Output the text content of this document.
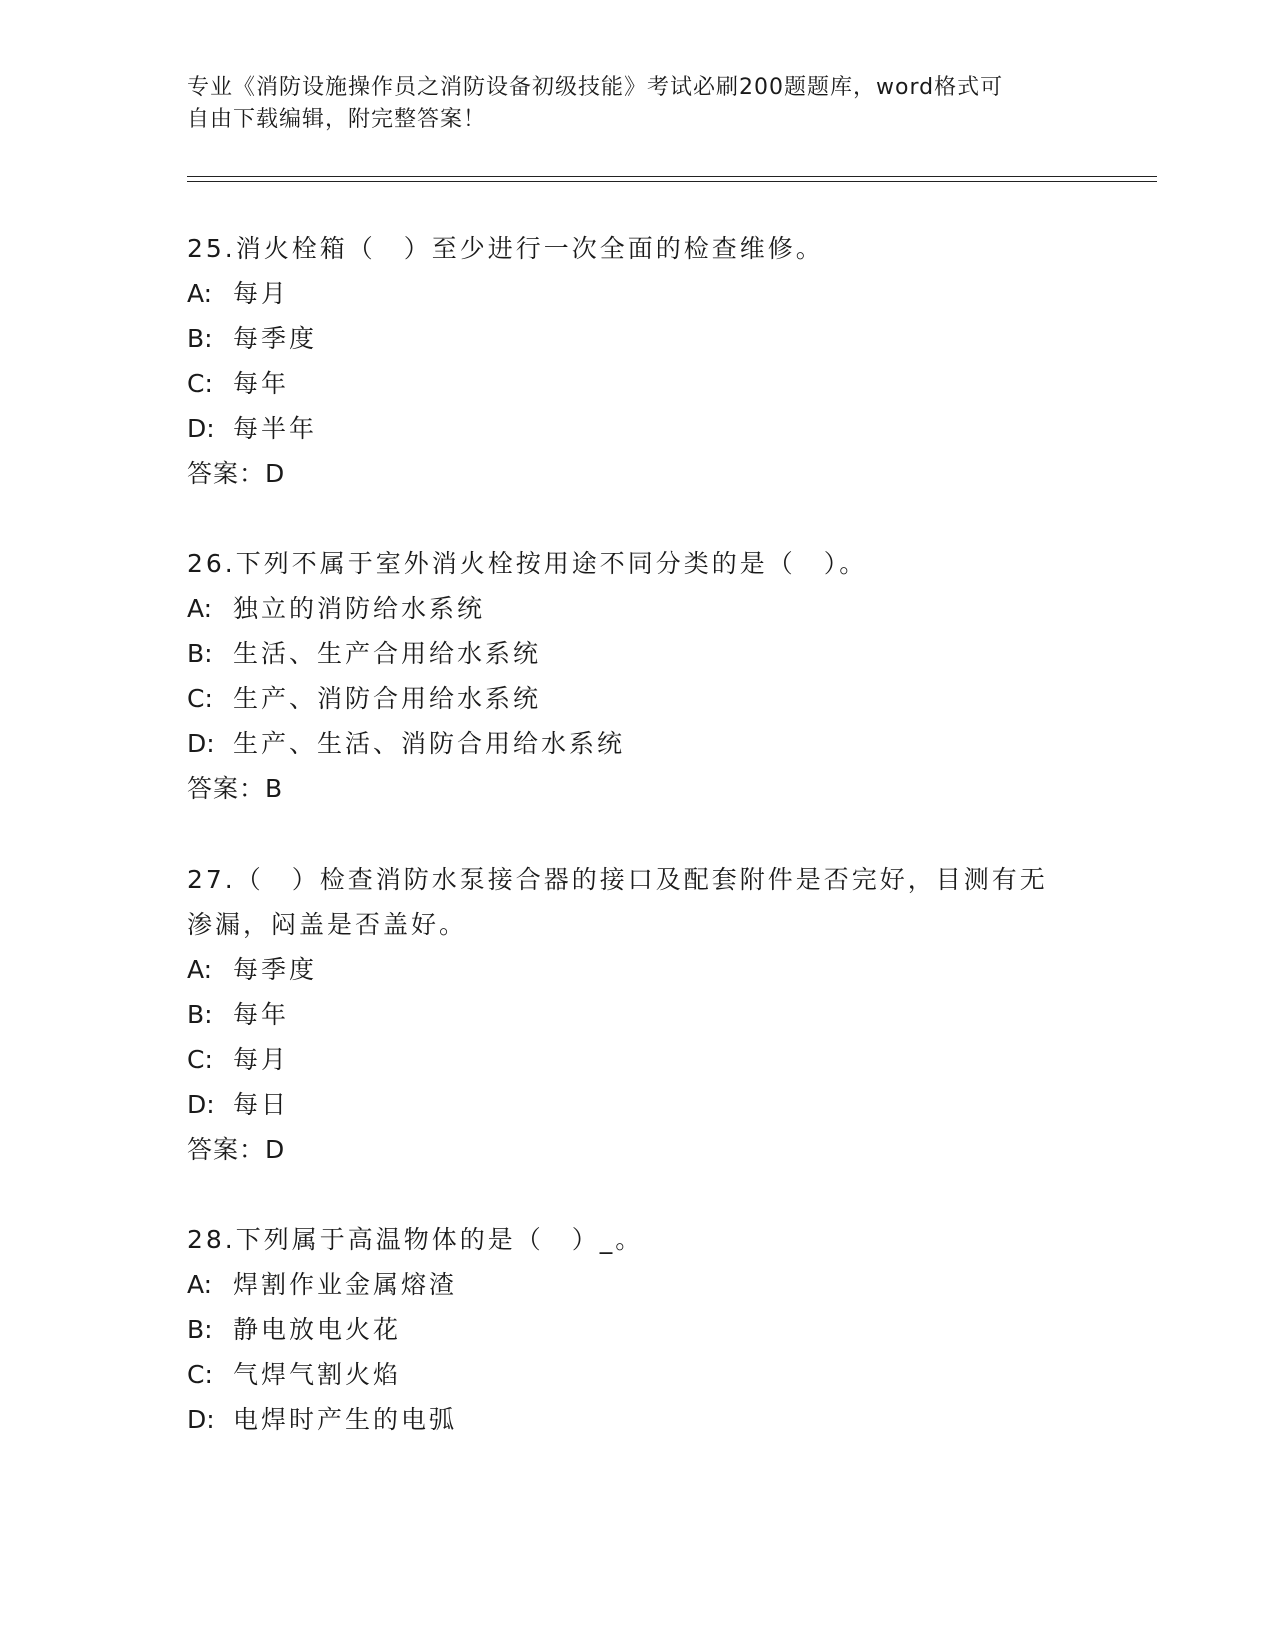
专业《消防设施操作员之消防设备初级技能》考试必刷200题题库，word格式可
自由下载编辑，附完整答案！
25.消火栓箱（　）至少进行一次全面的检查维修。
A: 每月
B: 每季度
C: 每年
D: 每半年
答案：D
26.下列不属于室外消火栓按用途不同分类的是（　）。
A: 独立的消防给水系统
B: 生活、生产合用给水系统
C: 生产、消防合用给水系统
D: 生产、生活、消防合用给水系统
答案：B
27.（　）检查消防水泵接合器的接口及配套附件是否完好，目测有无渗漏，闷盖是否盖好。
A: 每季度
B: 每年
C: 每月
D: 每日
答案：D
28.下列属于高温物体的是（　）_。
A: 焊割作业金属熔渣
B: 静电放电火花
C: 气焊气割火焰
D: 电焊时产生的电弧
